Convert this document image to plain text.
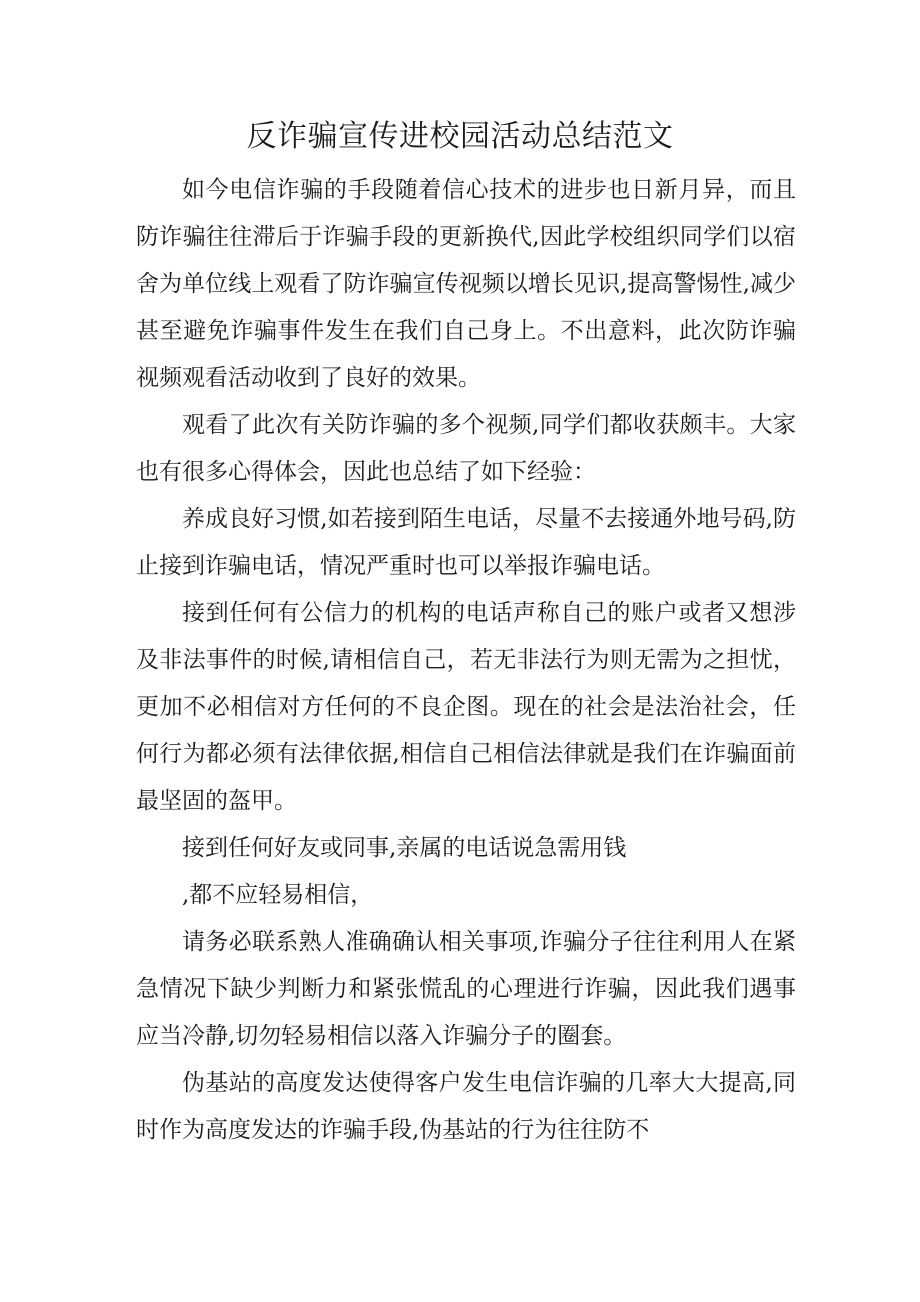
反诈骗宣传进校园活动总结范文

如今电信诈骗的手段随着信心技术的进步也日新月异，而且防诈骗往往滞后于诈骗手段的更新换代,因此学校组织同学们以宿舍为单位线上观看了防诈骗宣传视频以增长见识,提高警惕性,减少甚至避免诈骗事件发生在我们自己身上。不出意料，此次防诈骗视频观看活动收到了良好的效果。

观看了此次有关防诈骗的多个视频,同学们都收获颇丰。大家也有很多心得体会，因此也总结了如下经验：

养成良好习惯,如若接到陌生电话，尽量不去接通外地号码,防止接到诈骗电话，情况严重时也可以举报诈骗电话。

接到任何有公信力的机构的电话声称自己的账户或者又想涉及非法事件的时候,请相信自己，若无非法行为则无需为之担忧，更加不必相信对方任何的不良企图。现在的社会是法治社会，任何行为都必须有法律依据,相信自己相信法律就是我们在诈骗面前最坚固的盔甲。

接到任何好友或同事,亲属的电话说急需用钱

,都不应轻易相信，

请务必联系熟人准确确认相关事项,诈骗分子往往利用人在紧急情况下缺少判断力和紧张慌乱的心理进行诈骗，因此我们遇事应当冷静,切勿轻易相信以落入诈骗分子的圈套。

伪基站的高度发达使得客户发生电信诈骗的几率大大提高,同时作为高度发达的诈骗手段,伪基站的行为往往防不
